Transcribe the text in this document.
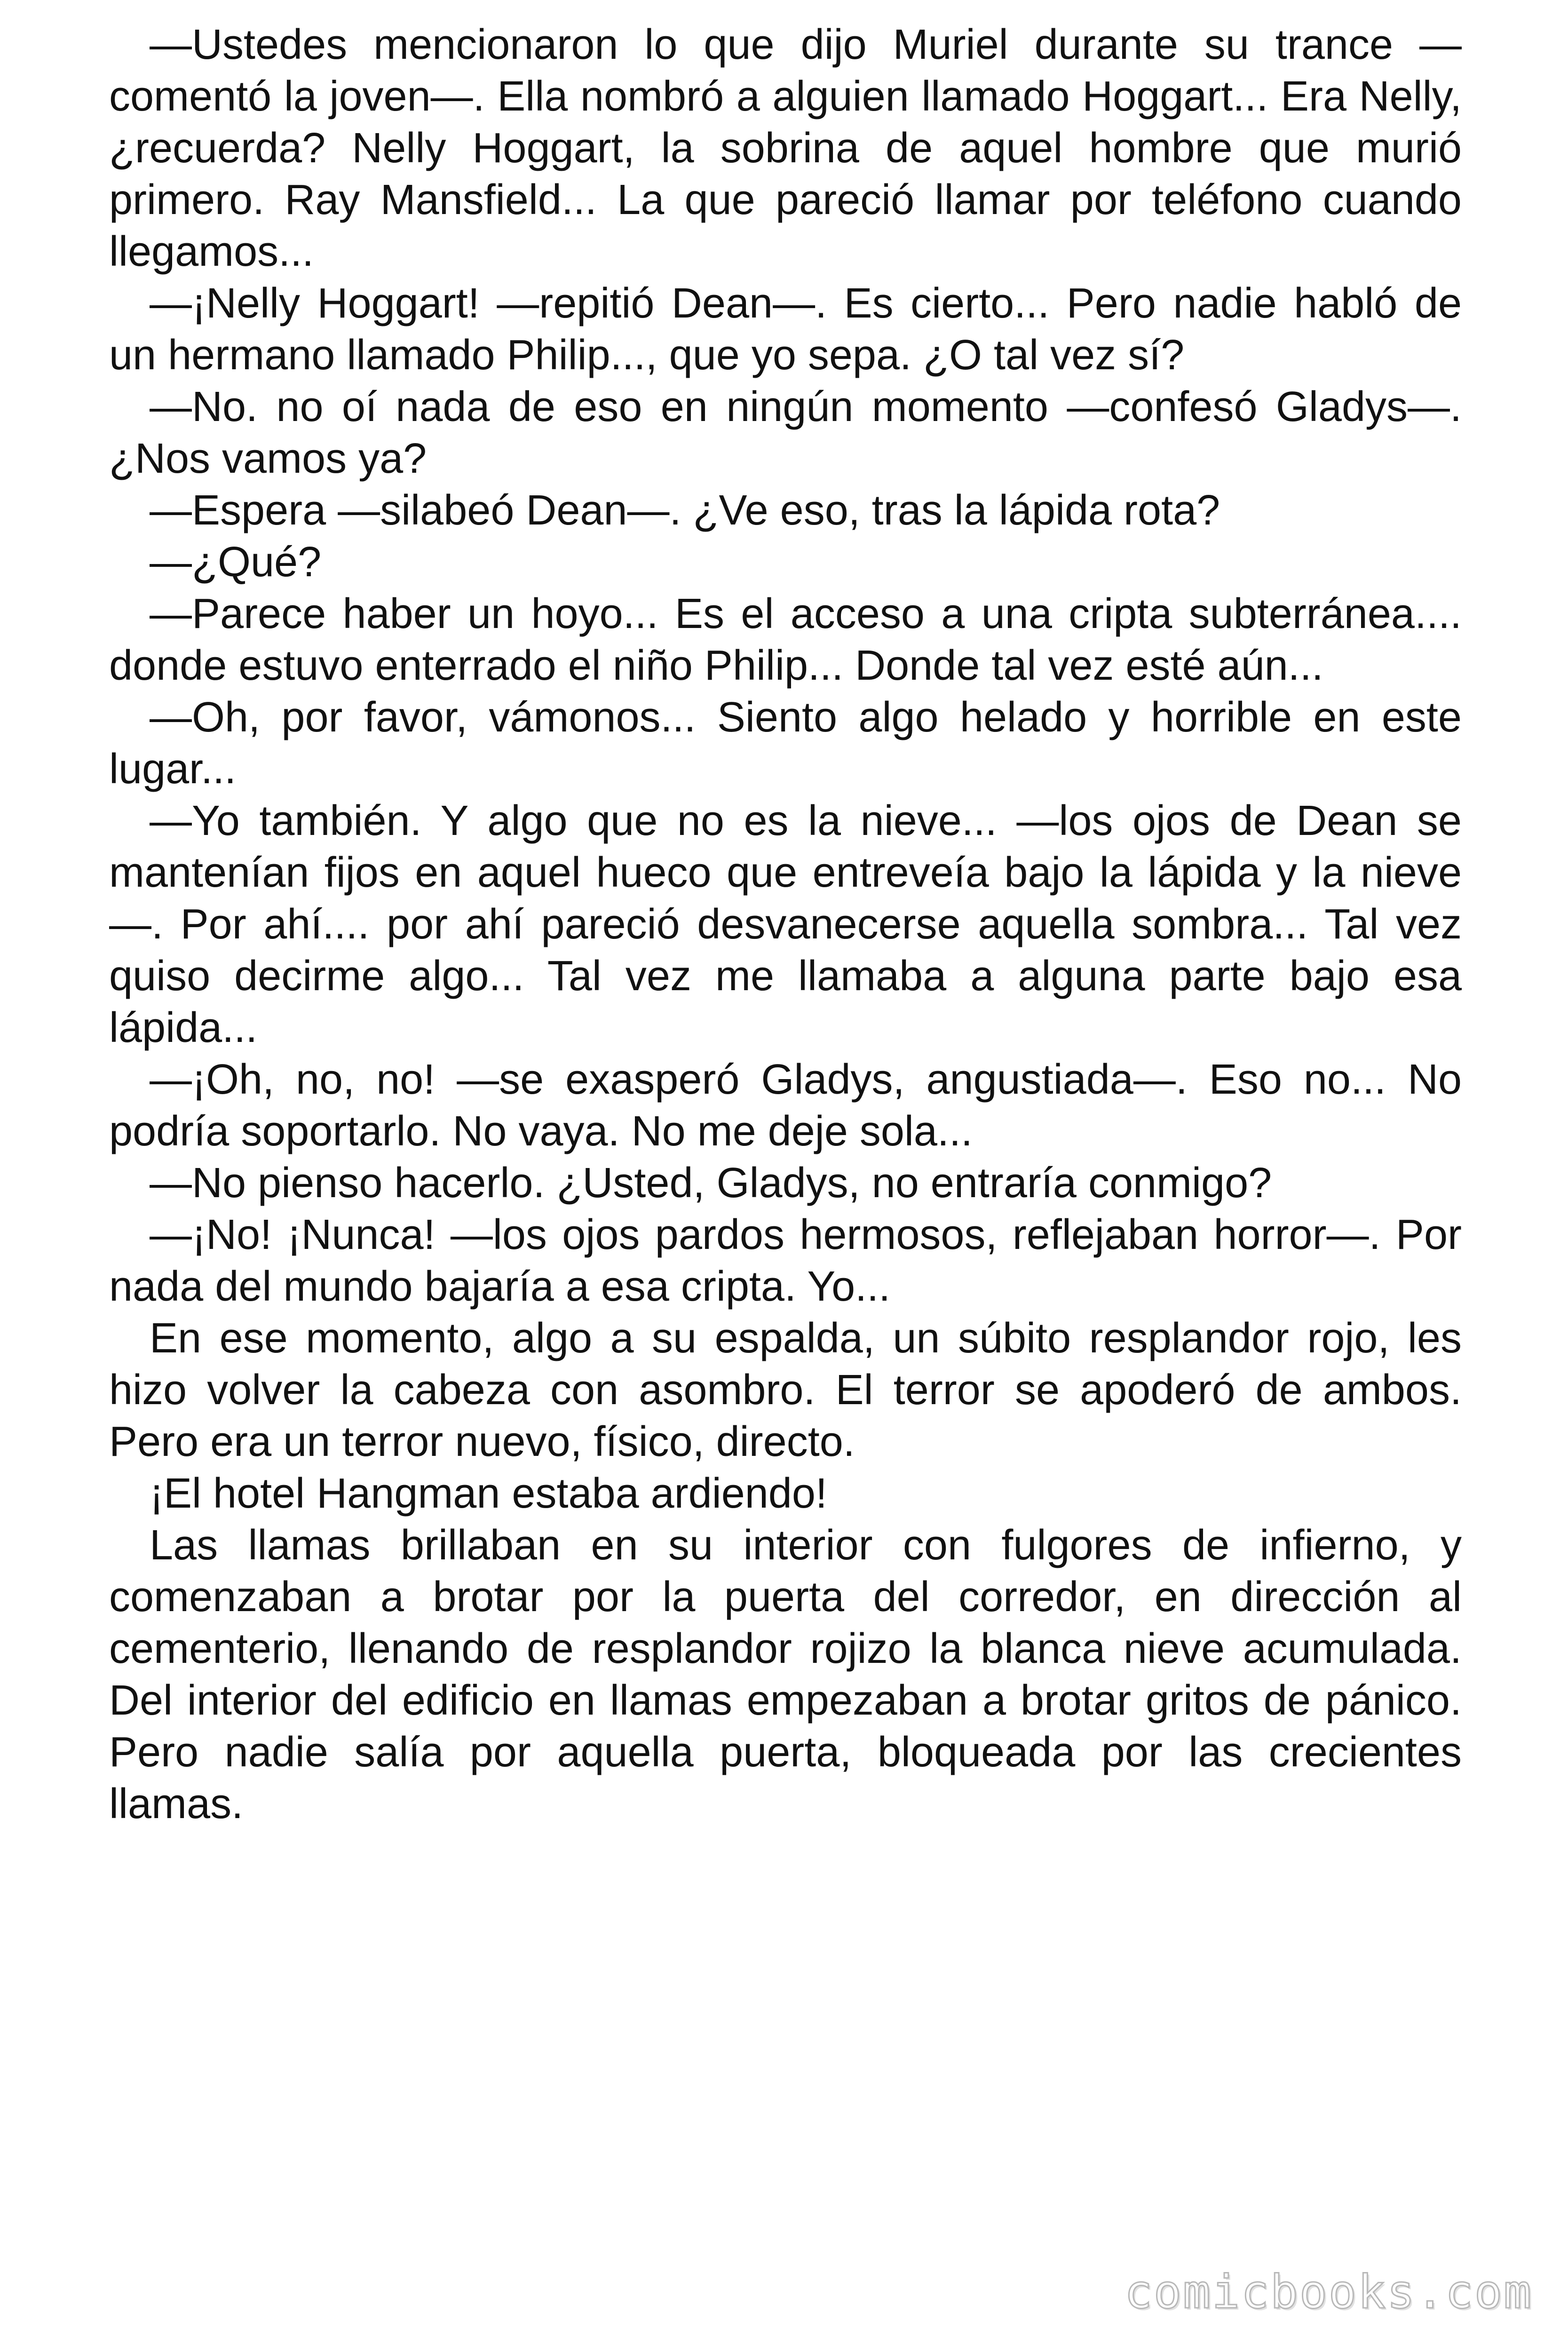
—Ustedes mencionaron lo que dijo Muriel durante su trance —comentó la joven—. Ella nombró a alguien llamado Hoggart... Era Nelly, ¿recuerda? Nelly Hoggart, la sobrina de aquel hombre que murió primero. Ray Mansfield... La que pareció llamar por teléfono cuando llegamos...

—¡Nelly Hoggart! —repitió Dean—. Es cierto... Pero nadie habló de un hermano llamado Philip..., que yo sepa. ¿O tal vez sí?

—No. no oí nada de eso en ningún momento —confesó Gladys—. ¿Nos vamos ya?

—Espera —silabeó Dean—. ¿Ve eso, tras la lápida rota?

—¿Qué?

—Parece haber un hoyo... Es el acceso a una cripta subterránea.... donde estuvo enterrado el niño Philip... Donde tal vez esté aún...

—Oh, por favor, vámonos... Siento algo helado y horrible en este lugar...

—Yo también. Y algo que no es la nieve... —los ojos de Dean se mantenían fijos en aquel hueco que entreveía bajo la lápida y la nieve —. Por ahí.... por ahí pareció desvanecerse aquella sombra... Tal vez quiso decirme algo... Tal vez me llamaba a alguna parte bajo esa lápida...

—¡Oh, no, no! —se exasperó Gladys, angustiada—. Eso no... No podría soportarlo. No vaya. No me deje sola...

—No pienso hacerlo. ¿Usted, Gladys, no entraría conmigo?

—¡No! ¡Nunca! —los ojos pardos hermosos, reflejaban horror—. Por nada del mundo bajaría a esa cripta. Yo...

En ese momento, algo a su espalda, un súbito resplandor rojo, les hizo volver la cabeza con asombro. El terror se apoderó de ambos. Pero era un terror nuevo, físico, directo.

¡El hotel Hangman estaba ardiendo!

Las llamas brillaban en su interior con fulgores de infierno, y comenzaban a brotar por la puerta del corredor, en dirección al cementerio, llenando de resplandor rojizo la blanca nieve acumulada. Del interior del edificio en llamas empezaban a brotar gritos de pánico. Pero nadie salía por aquella puerta, bloqueada por las crecientes llamas.

comicbooks.com
